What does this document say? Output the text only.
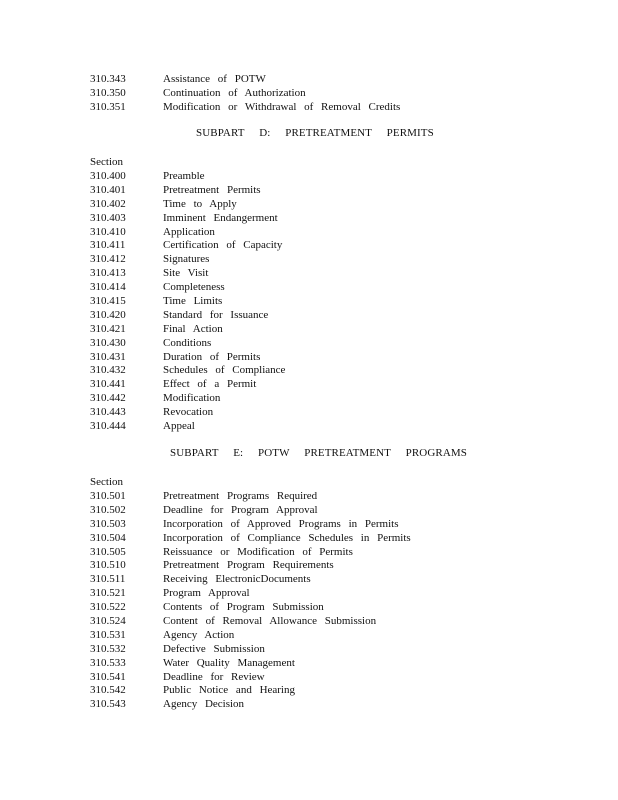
310.343	Assistance of POTW
310.350	Continuation of Authorization
310.351	Modification or Withdrawal of Removal Credits
SUBPART D: PRETREATMENT PERMITS
Section
310.400	Preamble
310.401	Pretreatment Permits
310.402	Time to Apply
310.403	Imminent Endangerment
310.410	Application
310.411	Certification of Capacity
310.412	Signatures
310.413	Site Visit
310.414	Completeness
310.415	Time Limits
310.420	Standard for Issuance
310.421	Final Action
310.430	Conditions
310.431	Duration of Permits
310.432	Schedules of Compliance
310.441	Effect of a Permit
310.442	Modification
310.443	Revocation
310.444	Appeal
SUBPART E: POTW PRETREATMENT PROGRAMS
Section
310.501	Pretreatment Programs Required
310.502	Deadline for Program Approval
310.503	Incorporation of Approved Programs in Permits
310.504	Incorporation of Compliance Schedules in Permits
310.505	Reissuance or Modification of Permits
310.510	Pretreatment Program Requirements
310.511	Receiving ElectronicDocuments
310.521	Program Approval
310.522	Contents of Program Submission
310.524	Content of Removal Allowance Submission
310.531	Agency Action
310.532	Defective Submission
310.533	Water Quality Management
310.541	Deadline for Review
310.542	Public Notice and Hearing
310.543	Agency Decision
